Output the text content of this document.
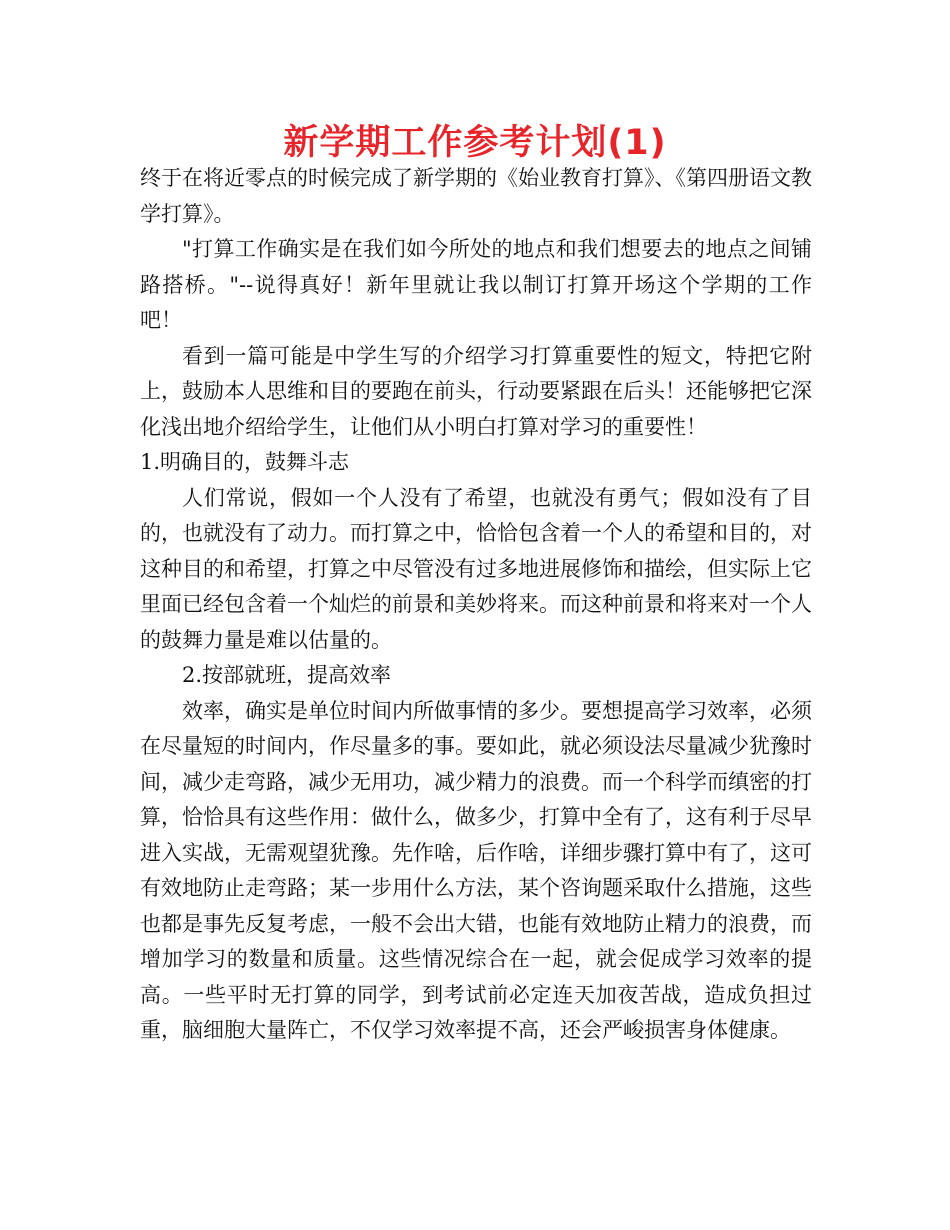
新学期工作参考计划(1)

终于在将近零点的时候完成了新学期的《始业教育打算》、《第四册语文教学打算》。

"打算工作确实是在我们如今所处的地点和我们想要去的地点之间铺路搭桥。"--说得真好！新年里就让我以制订打算开场这个学期的工作吧！

看到一篇可能是中学生写的介绍学习打算重要性的短文，特把它附上，鼓励本人思维和目的要跑在前头，行动要紧跟在后头！还能够把它深化浅出地介绍给学生，让他们从小明白打算对学习的重要性！

1.明确目的，鼓舞斗志

人们常说，假如一个人没有了希望，也就没有勇气；假如没有了目的，也就没有了动力。而打算之中，恰恰包含着一个人的希望和目的，对这种目的和希望，打算之中尽管没有过多地进展修饰和描绘，但实际上它里面已经包含着一个灿烂的前景和美妙将来。而这种前景和将来对一个人的鼓舞力量是难以估量的。

2.按部就班，提高效率

效率，确实是单位时间内所做事情的多少。要想提高学习效率，必须在尽量短的时间内，作尽量多的事。要如此，就必须设法尽量减少犹豫时间，减少走弯路，减少无用功，减少精力的浪费。而一个科学而缜密的打算，恰恰具有这些作用：做什么，做多少，打算中全有了，这有利于尽早进入实战，无需观望犹豫。先作啥，后作啥，详细步骤打算中有了，这可有效地防止走弯路；某一步用什么方法，某个咨询题采取什么措施，这些也都是事先反复考虑，一般不会出大错，也能有效地防止精力的浪费，而增加学习的数量和质量。这些情况综合在一起，就会促成学习效率的提高。一些平时无打算的同学，到考试前必定连天加夜苦战，造成负担过重，脑细胞大量阵亡，不仅学习效率提不高，还会严峻损害身体健康。
